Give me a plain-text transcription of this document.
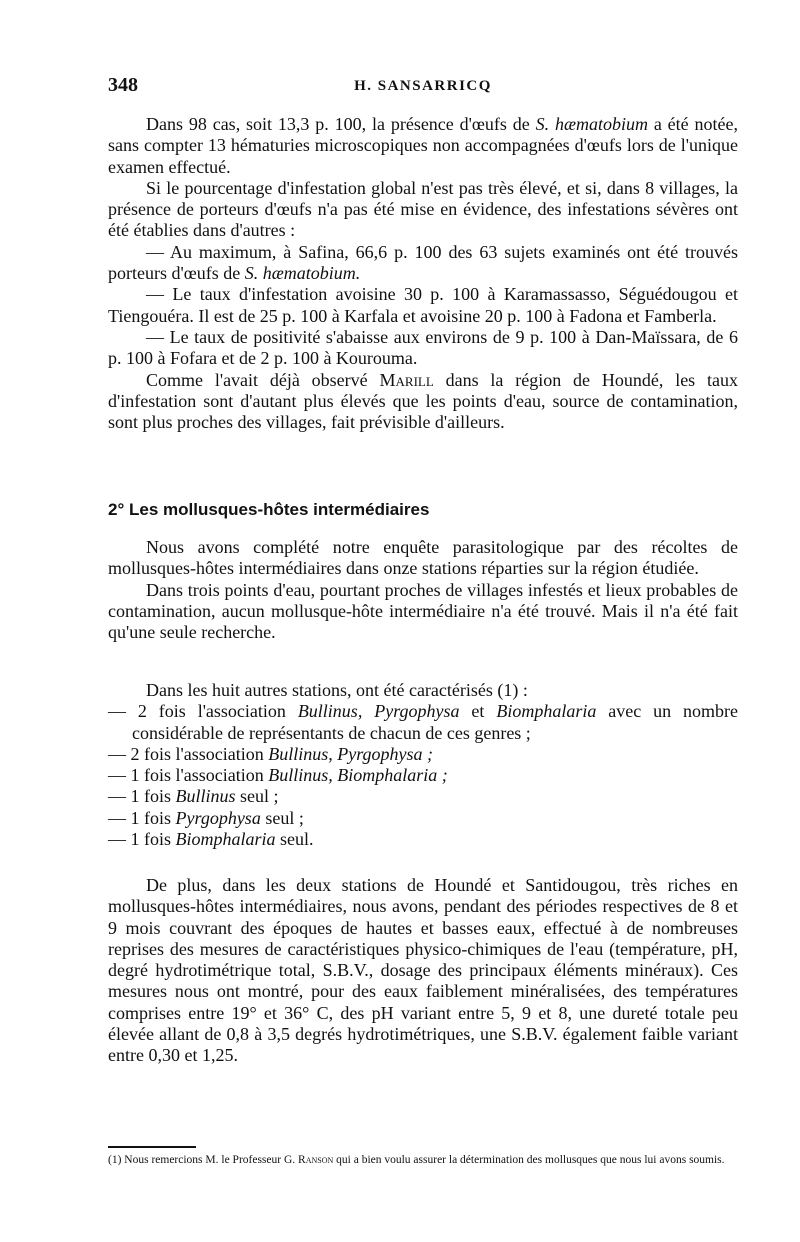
348	H. SANSARRICQ

Dans 98 cas, soit 13,3 p. 100, la présence d'œufs de S. hæmatobium a été notée, sans compter 13 hématuries microscopiques non accompagnées d'œufs lors de l'unique examen effectué.

Si le pourcentage d'infestation global n'est pas très élevé, et si, dans 8 villages, la présence de porteurs d'œufs n'a pas été mise en évidence, des infestations sévères ont été établies dans d'autres :

— Au maximum, à Safina, 66,6 p. 100 des 63 sujets examinés ont été trouvés porteurs d'œufs de S. hæmatobium.

— Le taux d'infestation avoisine 30 p. 100 à Karamassasso, Séguédougou et Tiengouéra. Il est de 25 p. 100 à Karfala et avoisine 20 p. 100 à Fadona et Famberla.

— Le taux de positivité s'abaisse aux environs de 9 p. 100 à Dan-Maïssara, de 6 p. 100 à Fofara et de 2 p. 100 à Kourouma.

Comme l'avait déjà observé Marill dans la région de Houndé, les taux d'infestation sont d'autant plus élevés que les points d'eau, source de contamination, sont plus proches des villages, fait prévisible d'ailleurs.

2° Les mollusques-hôtes intermédiaires

Nous avons complété notre enquête parasitologique par des récoltes de mollusques-hôtes intermédiaires dans onze stations réparties sur la région étudiée.

Dans trois points d'eau, pourtant proches de villages infestés et lieux probables de contamination, aucun mollusque-hôte intermédiaire n'a été trouvé. Mais il n'a été fait qu'une seule recherche.

Dans les huit autres stations, ont été caractérisés (1) :

— 2 fois l'association Bullinus, Pyrgophysa et Biomphalaria avec un nombre considérable de représentants de chacun de ces genres ;

— 2 fois l'association Bullinus, Pyrgophysa ;

— 1 fois l'association Bullinus, Biomphalaria ;

— 1 fois Bullinus seul ;

— 1 fois Pyrgophysa seul ;

— 1 fois Biomphalaria seul.

De plus, dans les deux stations de Houndé et Santidougou, très riches en mollusques-hôtes intermédiaires, nous avons, pendant des périodes respectives de 8 et 9 mois couvrant des époques de hautes et basses eaux, effectué à de nombreuses reprises des mesures de caractéristiques physico-chimiques de l'eau (température, pH, degré hydrotimétrique total, S.B.V., dosage des principaux éléments minéraux). Ces mesures nous ont montré, pour des eaux faiblement minéralisées, des températures comprises entre 19° et 36° C, des pH variant entre 5, 9 et 8, une dureté totale peu élevée allant de 0,8 à 3,5 degrés hydrotimétriques, une S.B.V. également faible variant entre 0,30 et 1,25.

(1) Nous remercions M. le Professeur G. Ranson qui a bien voulu assurer la détermination des mollusques que nous lui avons soumis.
